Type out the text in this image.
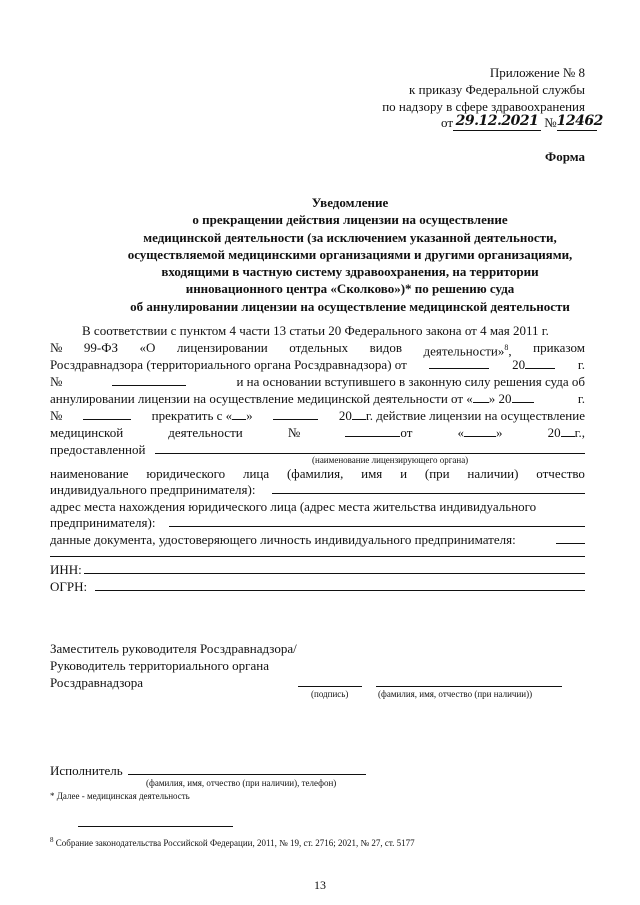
Приложение № 8
к приказу Федеральной службы
по надзору в сфере здравоохранения
от 29.12.2021 №12462
Форма
Уведомление
о прекращении действия лицензии на осуществление
медицинской деятельности (за исключением указанной деятельности,
осуществляемой медицинскими организациями и другими организациями,
входящими в частную систему здравоохранения, на территории
инновационного центра «Сколково»)* по решению суда
об аннулировании лицензии на осуществление медицинской деятельности
В соответствии с пунктом 4 части 13 статьи 20 Федерального закона от 4 мая 2011 г.
№ 99-ФЗ «О лицензировании отдельных видов деятельности»$^8$, приказом
Росздравнадзора (территориального органа Росздравнадзора) от	20	г.
№	и на основании вступившего в законную силу решения суда об
аннулировании лицензии на осуществление медицинской деятельности от « » 20	г.
№	прекратить с « »	20 г. действие лицензии на осуществление
медицинской	деятельности	№	от	« »	20 г.,
предоставленной
(наименование лицензирующего органа)
наименование юридического лица (фамилия, имя и (при наличии) отчество
индивидуального предпринимателя):
адрес места нахождения юридического лица (адрес места жительства индивидуального
предпринимателя):
данные документа, удостоверяющего личность индивидуального предпринимателя:
ИНН:
ОГРН:
Заместитель руководителя Росздравнадзора/
Руководитель территориального органа
Росздравнадзора
(подпись)	(фамилия, имя, отчество (при наличии))
Исполнитель
(фамилия, имя, отчество (при наличии), телефон)
* Далее - медицинская деятельность
$^8$ Собрание законодательства Российской Федерации, 2011, № 19, ст. 2716; 2021, № 27, ст. 5177
13
